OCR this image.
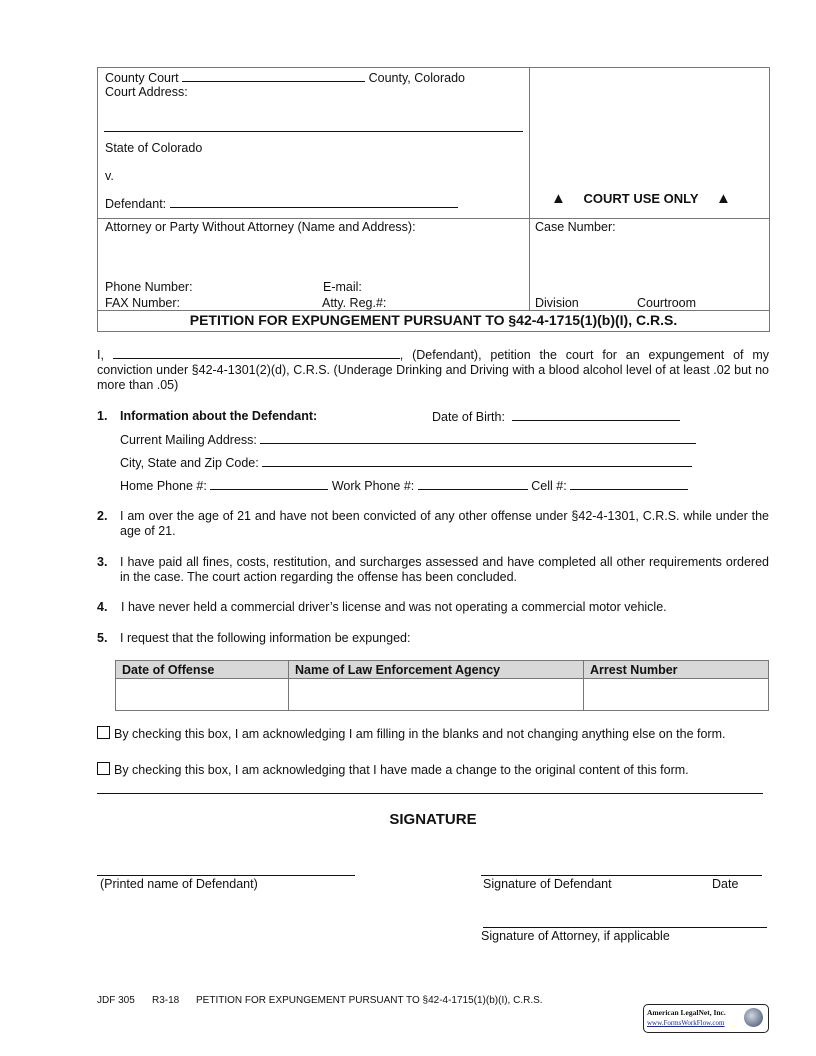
County Court	County, Colorado
Court Address:
State of Colorado
v.
Defendant:	▲ COURT USE ONLY ▲
Attorney or Party Without Attorney (Name and Address):
Phone Number:	E-mail:
FAX Number:	Atty. Reg.#:
Case Number:
Division	Courtroom
PETITION FOR EXPUNGEMENT PURSUANT TO §42-4-1715(1)(b)(I), C.R.S.
I,	, (Defendant), petition the court for an expungement of my conviction under §42-4-1301(2)(d), C.R.S. (Underage Drinking and Driving with a blood alcohol level of at least .02 but no more than .05)
1. Information about the Defendant:	Date of Birth:
Current Mailing Address:
City, State and Zip Code:
Home Phone #:	Work Phone #:	Cell #:
2. I am over the age of 21 and have not been convicted of any other offense under §42-4-1301, C.R.S. while under the age of 21.
3. I have paid all fines, costs, restitution, and surcharges assessed and have completed all other requirements ordered in the case. The court action regarding the offense has been concluded.
4. I have never held a commercial driver’s license and was not operating a commercial motor vehicle.
5. I request that the following information be expunged:
Date of Offense	Name of Law Enforcement Agency	Arrest Number

By checking this box, I am acknowledging I am filling in the blanks and not changing anything else on the form.
By checking this box, I am acknowledging that I have made a change to the original content of this form.
SIGNATURE
(Printed name of Defendant)	Signature of Defendant	Date
Signature of Attorney, if applicable
JDF 305 R3-18 PETITION FOR EXPUNGEMENT PURSUANT TO §42-4-1715(1)(b)(I), C.R.S.
American LegalNet, Inc.
www.FormsWorkFlow.com
